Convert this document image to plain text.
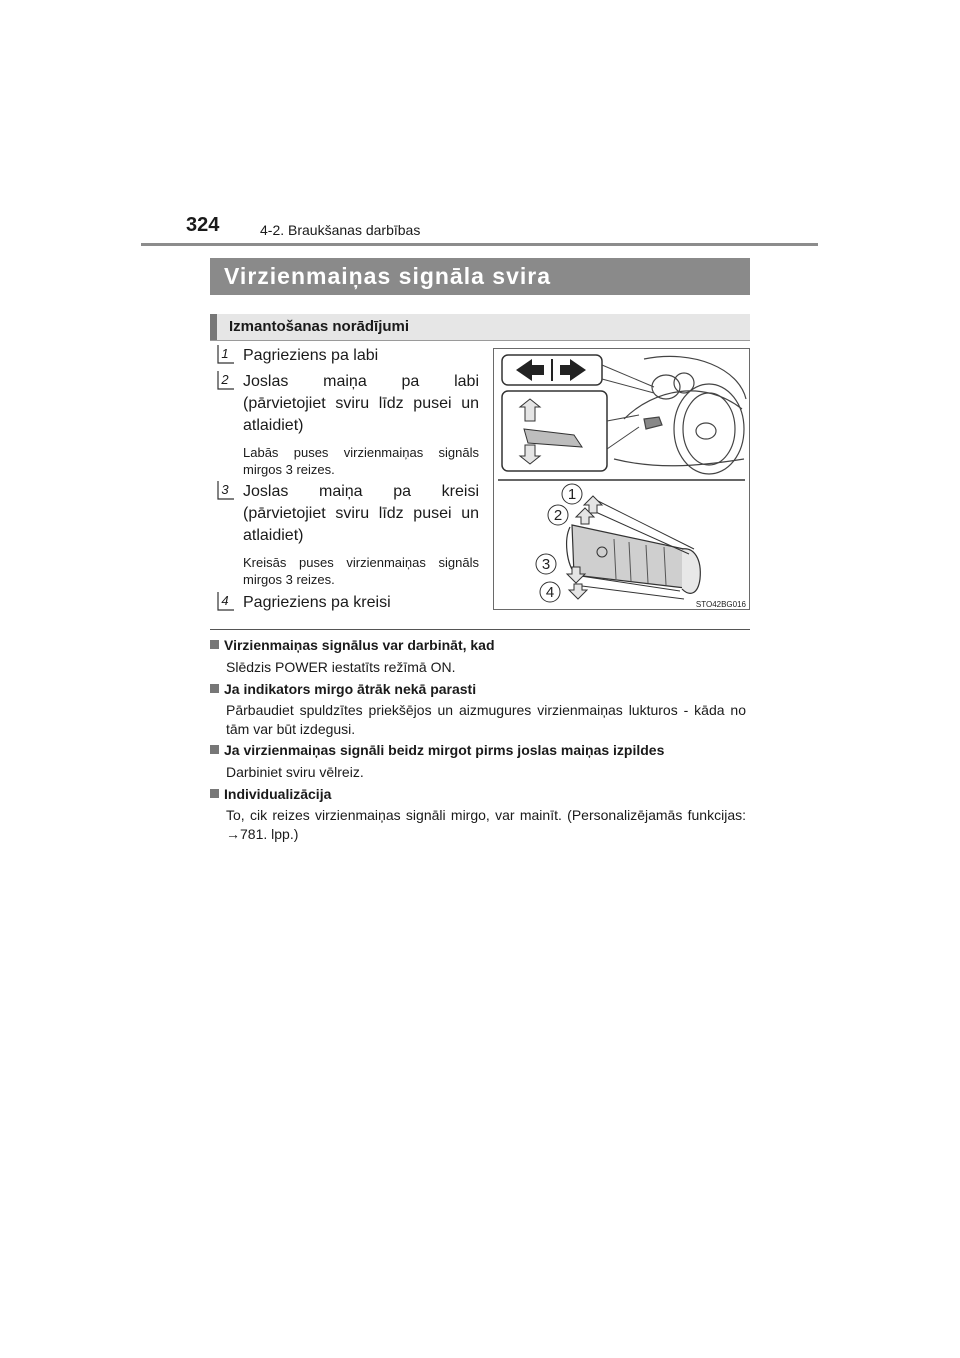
324	4-2. Braukšanas darbības
Virzienmaiņas signāla svira
Izmantošanas norādījumi
1 Pagrieziens pa labi
2 Joslas maiņa pa labi
(pārvietojiet sviru līdz pusei un atlaidiet)
Labās puses virzienmaiņas signāls mirgos 3 reizes.
3 Joslas maiņa pa kreisi
(pārvietojiet sviru līdz pusei un atlaidiet)
Kreisās puses virzienmaiņas signāls mirgos 3 reizes.
4 Pagrieziens pa kreisi
1
2
3
4
STO42BG016
Virzienmaiņas signālus var darbināt, kad
Slēdzis POWER iestatīts režīmā ON.
Ja indikators mirgo ātrāk nekā parasti
Pārbaudiet spuldzītes priekšējos un aizmugures virzienmaiņas lukturos - kāda no tām var būt izdegusi.
Ja virzienmaiņas signāli beidz mirgot pirms joslas maiņas izpildes
Darbiniet sviru vēlreiz.
Individualizācija
To, cik reizes virzienmaiņas signāli mirgo, var mainīt. (Personalizējamās funkcijas: →781. lpp.)
